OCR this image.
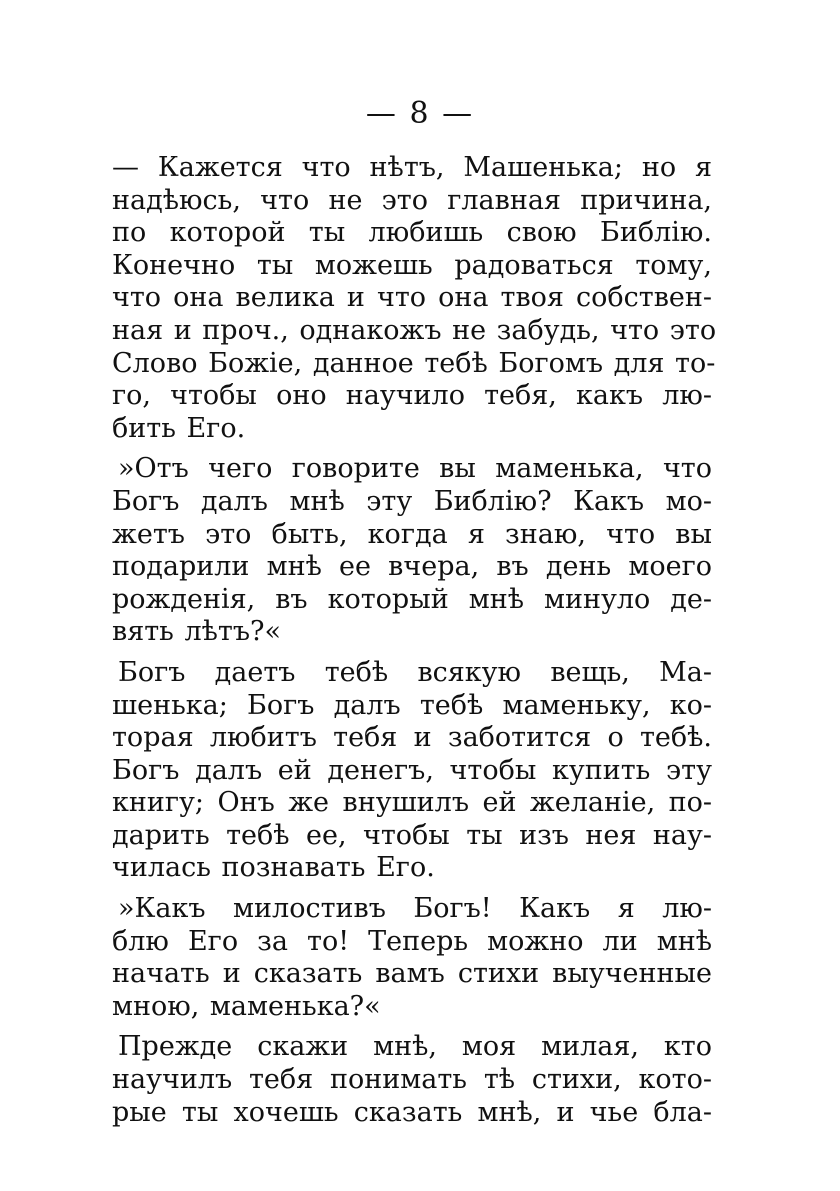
— 8 —
— Кажется что нѣтъ, Машенька; но я
надѣюсь, что не это главная причина,
по которой ты любишь свою Библію.
Конечно ты можешь радоваться тому,
что она велика и что она твоя собствен-
ная и проч., однакожъ не забудь, что это
Слово Божіе, данное тебѣ Богомъ для то-
го, чтобы оно научило тебя, какъ лю-
бить Его.
»Отъ чего говорите вы маменька, что
Богъ далъ мнѣ эту Библію? Какъ мо-
жетъ это быть, когда я знаю, что вы
подарили мнѣ ее вчера, въ день моего
рожденія, въ который мнѣ минуло де-
вять лѣтъ?«
Богъ даетъ тебѣ всякую вещь, Ма-
шенька; Богъ далъ тебѣ маменьку, ко-
торая любитъ тебя и заботится о тебѣ.
Богъ далъ ей денегъ, чтобы купить эту
книгу; Онъ же внушилъ ей желаніе, по-
дарить тебѣ ее, чтобы ты изъ нея нау-
чилась познавать Его.
»Какъ милостивъ Богъ! Какъ я лю-
блю Его за то! Теперь можно ли мнѣ
начать и сказать вамъ стихи выученные
мною, маменька?«
Прежде скажи мнѣ, моя милая, кто
научилъ тебя понимать тѣ стихи, кото-
рые ты хочешь сказать мнѣ, и чье бла-
